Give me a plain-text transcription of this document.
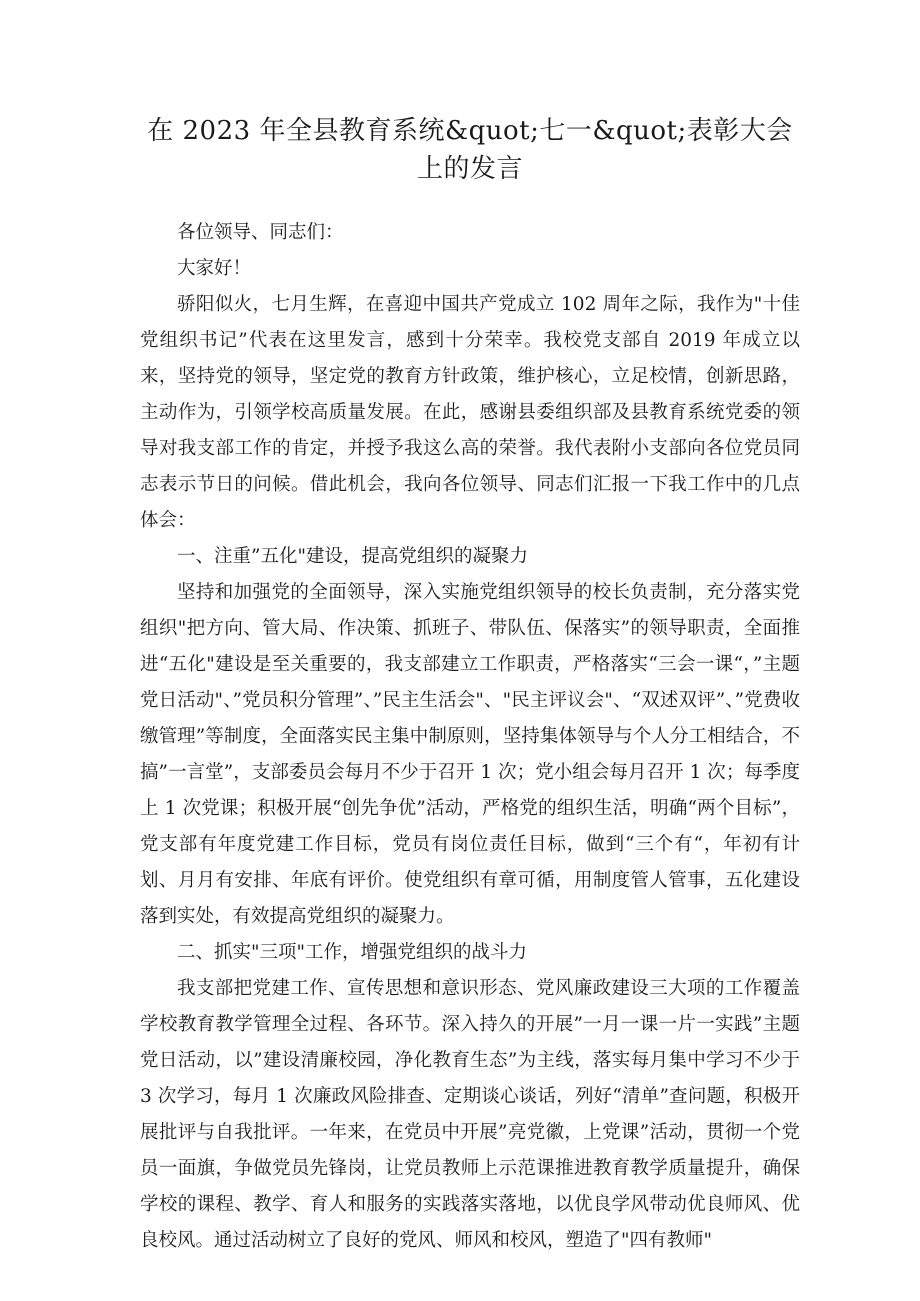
在 2023 年全县教育系统&quot;七一&quot;表彰大会上的发言

各位领导、同志们：

大家好！

骄阳似火，七月生辉，在喜迎中国共产党成立 102 周年之际，我作为"十佳党组织书记”代表在这里发言，感到十分荣幸。我校党支部自 2019 年成立以来，坚持党的领导，坚定党的教育方针政策，维护核心，立足校情，创新思路，主动作为，引领学校高质量发展。在此，感谢县委组织部及县教育系统党委的领导对我支部工作的肯定，并授予我这么高的荣誉。我代表附小支部向各位党员同志表示节日的问候。借此机会，我向各位领导、同志们汇报一下我工作中的几点体会：

一、注重”五化"建设，提高党组织的凝聚力

坚持和加强党的全面领导，深入实施党组织领导的校长负责制，充分落实党组织"把方向、管大局、作决策、抓班子、带队伍、保落实”的领导职责，全面推进“五化"建设是至关重要的，我支部建立工作职责，严格落实“三会一课“，”主题党日活动"、”党员积分管理”、”民主生活会"、"民主评议会"、“双述双评”、”党费收缴管理”等制度，全面落实民主集中制原则，坚持集体领导与个人分工相结合，不搞”一言堂”，支部委员会每月不少于召开 1 次；党小组会每月召开 1 次；每季度上 1 次党课；积极开展“创先争优”活动，严格党的组织生活，明确“两个目标”，党支部有年度党建工作目标，党员有岗位责任目标，做到“三个有“，年初有计划、月月有安排、年底有评价。使党组织有章可循，用制度管人管事，五化建设落到实处，有效提高党组织的凝聚力。

二、抓实"三项"工作，增强党组织的战斗力

我支部把党建工作、宣传思想和意识形态、党风廉政建设三大项的工作覆盖学校教育教学管理全过程、各环节。深入持久的开展”一月一课一片一实践”主题党日活动，以”建设清廉校园，净化教育生态”为主线，落实每月集中学习不少于 3 次学习，每月 1 次廉政风险排查、定期谈心谈话，列好“清单”查问题，积极开展批评与自我批评。一年来，在党员中开展”亮党徽，上党课”活动，贯彻一个党员一面旗，争做党员先锋岗，让党员教师上示范课推进教育教学质量提升，确保学校的课程、教学、育人和服务的实践落实落地，以优良学风带动优良师风、优良校风。通过活动树立了良好的党风、师风和校风，塑造了"四有教师"
